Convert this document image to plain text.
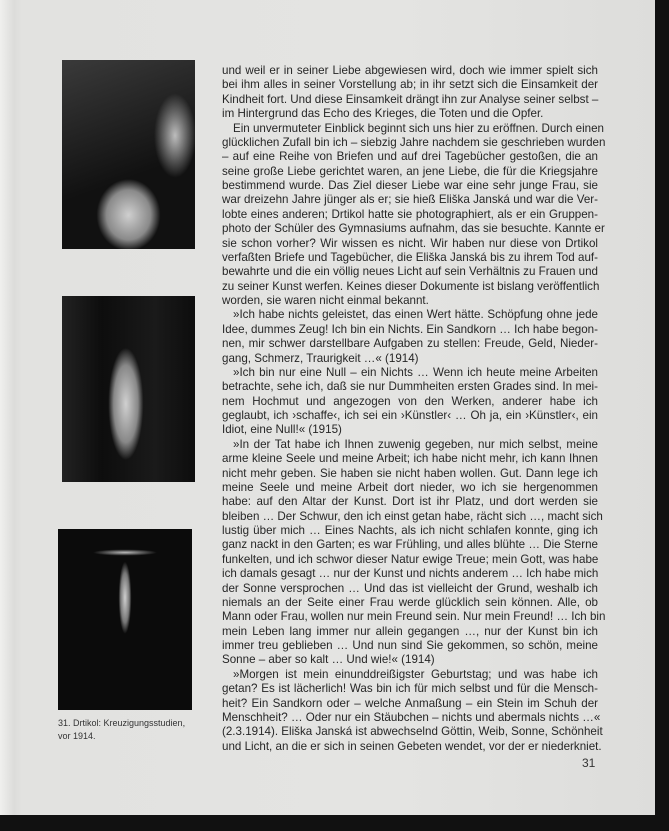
31. Drtikol: Kreuzigungsstudien, vor 1914.
und weil er in seiner Liebe abgewiesen wird, doch wie immer spielt sich
bei ihm alles in seiner Vorstellung ab; in ihr setzt sich die Einsamkeit der
Kindheit fort. Und diese Einsamkeit drängt ihn zur Analyse seiner selbst –
im Hintergrund das Echo des Krieges, die Toten und die Opfer.
Ein unvermuteter Einblick beginnt sich uns hier zu eröffnen. Durch einen
glücklichen Zufall bin ich – siebzig Jahre nachdem sie geschrieben wurden
– auf eine Reihe von Briefen und auf drei Tagebücher gestoßen, die an
seine große Liebe gerichtet waren, an jene Liebe, die für die Kriegsjahre
bestimmend wurde. Das Ziel dieser Liebe war eine sehr junge Frau, sie
war dreizehn Jahre jünger als er; sie hieß Eliška Janská und war die Ver-
lobte eines anderen; Drtikol hatte sie photographiert, als er ein Gruppen-
photo der Schüler des Gymnasiums aufnahm, das sie besuchte. Kannte er
sie schon vorher? Wir wissen es nicht. Wir haben nur diese von Drtikol
verfaßten Briefe und Tagebücher, die Eliška Janská bis zu ihrem Tod auf-
bewahrte und die ein völlig neues Licht auf sein Verhältnis zu Frauen und
zu seiner Kunst werfen. Keines dieser Dokumente ist bislang veröffentlich
worden, sie waren nicht einmal bekannt.
»Ich habe nichts geleistet, das einen Wert hätte. Schöpfung ohne jede
Idee, dummes Zeug! Ich bin ein Nichts. Ein Sandkorn … Ich habe begon-
nen, mir schwer darstellbare Aufgaben zu stellen: Freude, Geld, Nieder-
gang, Schmerz, Traurigkeit …« (1914)
»Ich bin nur eine Null – ein Nichts … Wenn ich heute meine Arbeiten
betrachte, sehe ich, daß sie nur Dummheiten ersten Grades sind. In mei-
nem Hochmut und angezogen von den Werken, anderer habe ich
geglaubt, ich ›schaffe‹, ich sei ein ›Künstler‹ … Oh ja, ein ›Künstler‹, ein
Idiot, eine Null!« (1915)
»In der Tat habe ich Ihnen zuwenig gegeben, nur mich selbst, meine
arme kleine Seele und meine Arbeit; ich habe nicht mehr, ich kann Ihnen
nicht mehr geben. Sie haben sie nicht haben wollen. Gut. Dann lege ich
meine Seele und meine Arbeit dort nieder, wo ich sie hergenommen
habe: auf den Altar der Kunst. Dort ist ihr Platz, und dort werden sie
bleiben … Der Schwur, den ich einst getan habe, rächt sich …, macht sich
lustig über mich … Eines Nachts, als ich nicht schlafen konnte, ging ich
ganz nackt in den Garten; es war Frühling, und alles blühte … Die Sterne
funkelten, und ich schwor dieser Natur ewige Treue; mein Gott, was habe
ich damals gesagt … nur der Kunst und nichts anderem … Ich habe mich
der Sonne versprochen … Und das ist vielleicht der Grund, weshalb ich
niemals an der Seite einer Frau werde glücklich sein können. Alle, ob
Mann oder Frau, wollen nur mein Freund sein. Nur mein Freund! … Ich bin
mein Leben lang immer nur allein gegangen …, nur der Kunst bin ich
immer treu geblieben … Und nun sind Sie gekommen, so schön, meine
Sonne – aber so kalt … Und wie!« (1914)
»Morgen ist mein einunddreißigster Geburtstag; und was habe ich
getan? Es ist lächerlich! Was bin ich für mich selbst und für die Mensch-
heit? Ein Sandkorn oder – welche Anmaßung – ein Stein im Schuh der
Menschheit? … Oder nur ein Stäubchen – nichts und abermals nichts …«
(2.3.1914). Eliška Janská ist abwechselnd Göttin, Weib, Sonne, Schönheit
und Licht, an die er sich in seinen Gebeten wendet, vor der er niederkniet.
31
